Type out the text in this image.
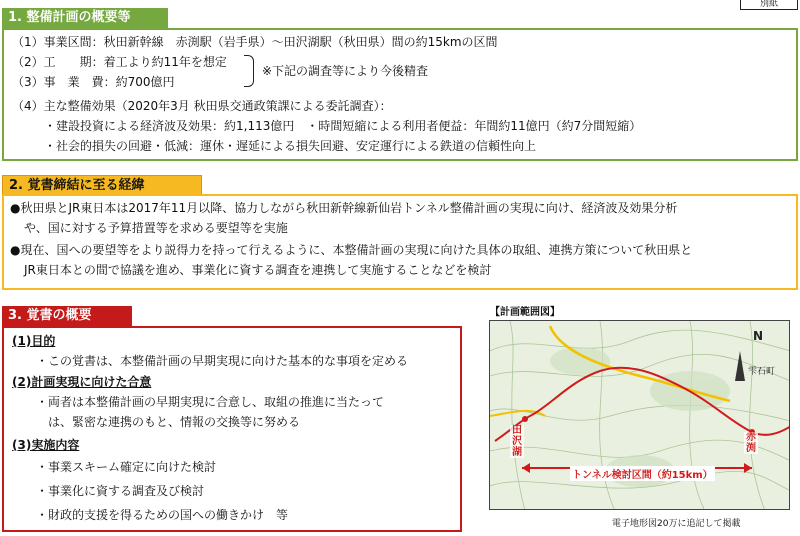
別紙
1. 整備計画の概要等
（1）事業区間：秋田新幹線　赤渕駅（岩手県）～田沢湖駅（秋田県）間の約15kmの区間
（2）工　　期：着工より約11年を想定
（3）事　業　費：約700億円
※下記の調査等により今後精査
（4）主な整備効果（2020年3月 秋田県交通政策課による委託調査）：
・建設投資による経済波及効果：約1,113億円　・時間短縮による利用者便益：年間約11億円（約7分間短縮）
・社会的損失の回避・低減：運休・遅延による損失回避、安定運行による鉄道の信頼性向上
2. 覚書締結に至る経緯
●秋田県とJR東日本は2017年11月以降、協力しながら秋田新幹線新仙岩トンネル整備計画の実現に向け、経済波及効果分析
や、国に対する予算措置等を求める要望等を実施
●現在、国への要望等をより説得力を持って行えるように、本整備計画の実現に向けた具体の取組、連携方策について秋田県と
JR東日本との間で協議を進め、事業化に資する調査を連携して実施することなどを検討
3. 覚書の概要
(1)目的
・この覚書は、本整備計画の早期実現に向けた基本的な事項を定める
(2)計画実現に向けた合意
・両者は本整備計画の早期実現に合意し、取組の推進に当たって
は、緊密な連携のもと、情報の交換等に努める
(3)実施内容
・事業スキーム確定に向けた検討
・事業化に資する調査及び検討
・財政的支援を得るための国への働きかけ　等
【計画範囲図】
雫石町
N
田沢湖
赤渕
トンネル検討区間（約15km）
電子地形図20万に追記して掲載
